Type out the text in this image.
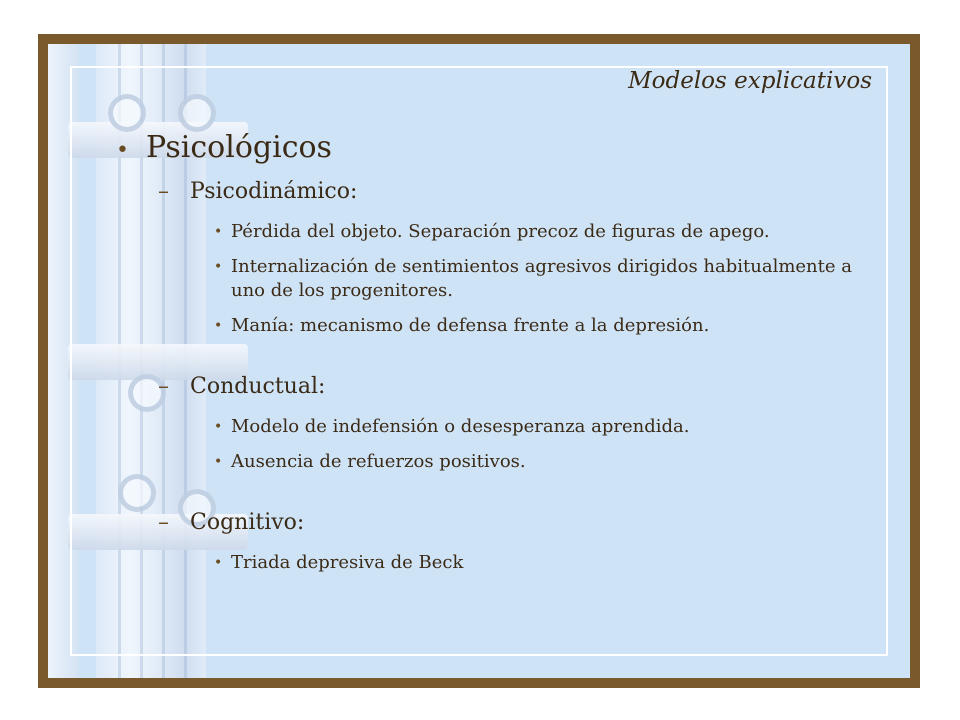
Modelos explicativos
• Psicológicos
– Psicodinámico:
• Pérdida del objeto. Separación precoz de figuras de apego.
• Internalización de sentimientos agresivos dirigidos habitualmente a uno de los progenitores.
• Manía: mecanismo de defensa frente a la depresión.
– Conductual:
• Modelo de indefensión o desesperanza aprendida.
• Ausencia de refuerzos positivos.
– Cognitivo:
• Triada depresiva de Beck
